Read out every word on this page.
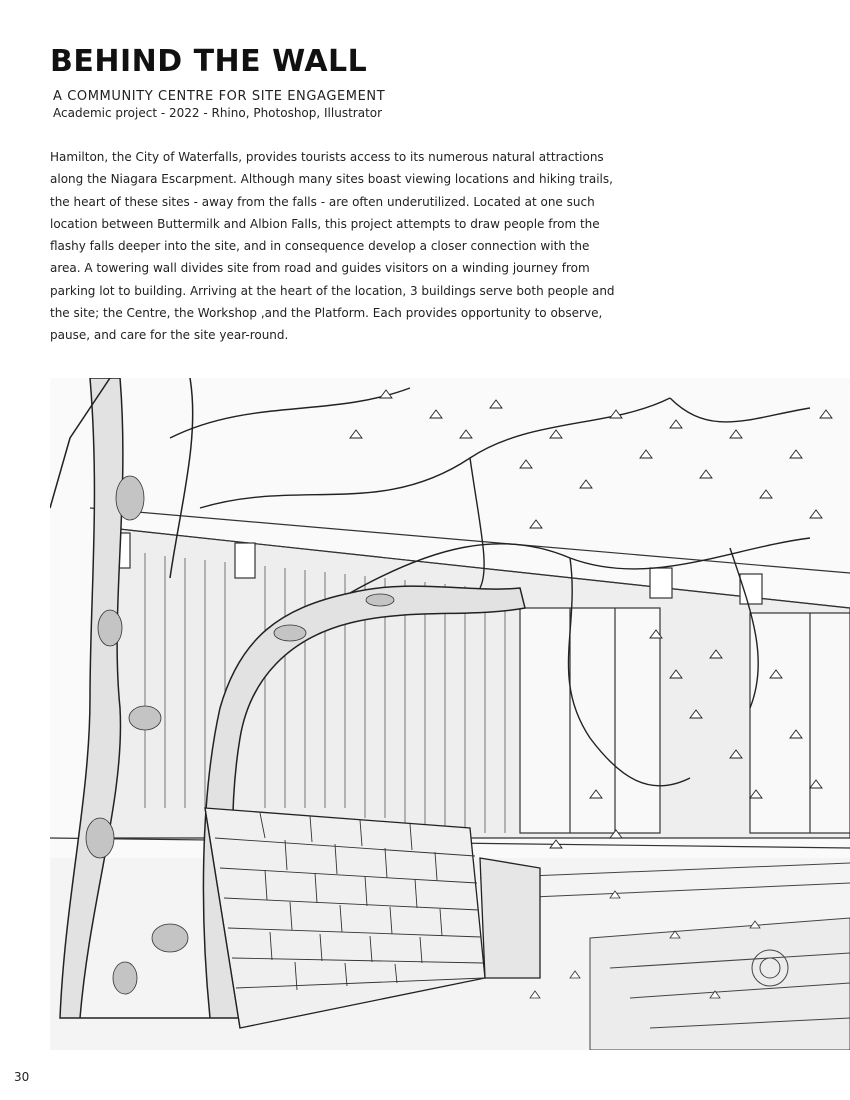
BEHIND THE WALL
A COMMUNITY CENTRE FOR SITE ENGAGEMENT
Academic project - 2022 - Rhino, Photoshop, Illustrator

Hamilton, the City of Waterfalls, provides tourists access to its numerous natural attractions along the Niagara Escarpment. Although many sites boast viewing locations and hiking trails, the heart of these sites - away from the falls - are often underutilized. Located at one such location between Buttermilk and Albion Falls, this project attempts to draw people from the flashy falls deeper into the site, and in consequence develop a closer connection with the area. A towering wall divides site from road and guides visitors on a winding journey from parking lot to building. Arriving at the heart of the location, 3 buildings serve both people and the site; the Centre, the Workshop ,and the Platform. Each provides opportunity to observe, pause, and care for the site year-round.

30
